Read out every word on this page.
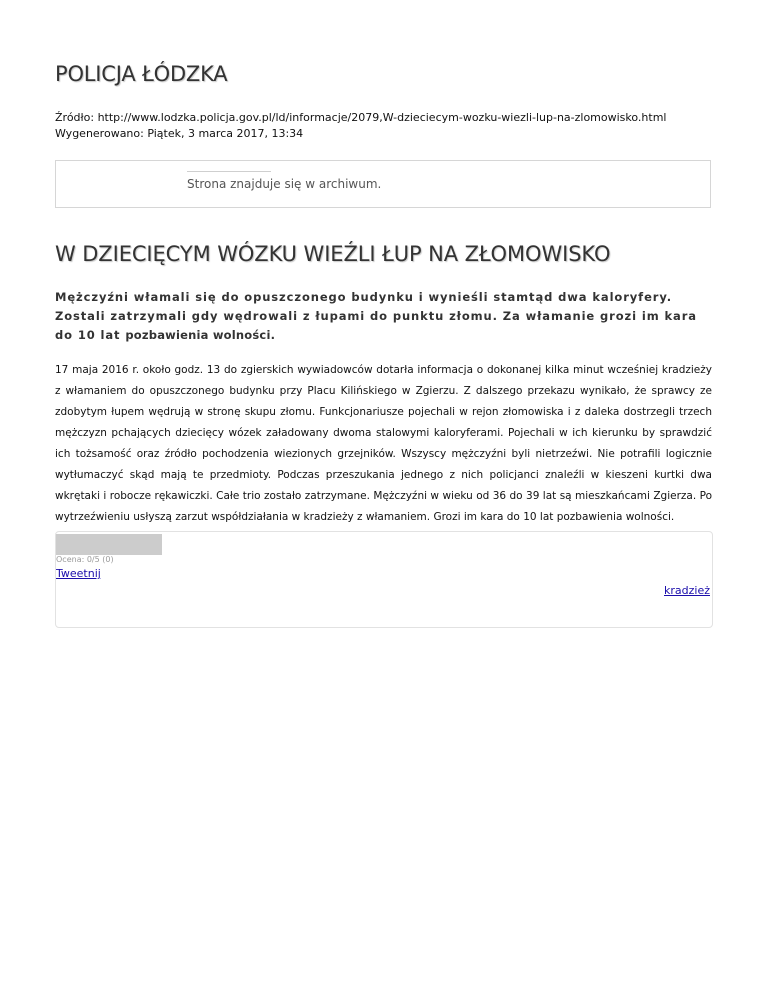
POLICJA ŁÓDZKA
Źródło: http://www.lodzka.policja.gov.pl/ld/informacje/2079,W-dzieciecym-wozku-wiezli-lup-na-zlomowisko.html
Wygenerowano: Piątek, 3 marca 2017, 13:34
Strona znajduje się w archiwum.
W DZIECIĘCYM WÓZKU WIEŹLI ŁUP NA ZŁOMOWISKO

Mężczyźni włamali się do opuszczonego budynku i wynieśli stamtąd dwa kaloryfery. Zostali zatrzymali gdy wędrowali z łupami do punktu złomu. Za włamanie grozi im kara do 10 lat pozbawienia wolności.

17 maja 2016 r. około godz. 13 do zgierskich wywiadowców dotarła informacja o dokonanej kilka minut wcześniej kradzieży z włamaniem do opuszczonego budynku przy Placu Kilińskiego w Zgierzu. Z dalszego przekazu wynikało, że sprawcy ze zdobytym łupem wędrują w stronę skupu złomu. Funkcjonariusze pojechali w rejon złomowiska i z daleka dostrzegli trzech mężczyzn pchających dziecięcy wózek załadowany dwoma stalowymi kaloryferami. Pojechali w ich kierunku by sprawdzić ich tożsamość oraz źródło pochodzenia wiezionych grzejników. Wszyscy mężczyźni byli nietrzeźwi. Nie potrafili logicznie wytłumaczyć skąd mają te przedmioty. Podczas przeszukania jednego z nich policjanci znaleźli w kieszeni kurtki dwa wkrętaki i robocze rękawiczki. Całe trio zostało zatrzymane. Mężczyźni w wieku od 36 do 39 lat są mieszkańcami Zgierza. Po wytrzeźwieniu usłyszą zarzut współdziałania w kradzieży z włamaniem. Grozi im kara do 10 lat pozbawienia wolności.

Ocena: 0/5 (0)
Tweetnij
kradzież
